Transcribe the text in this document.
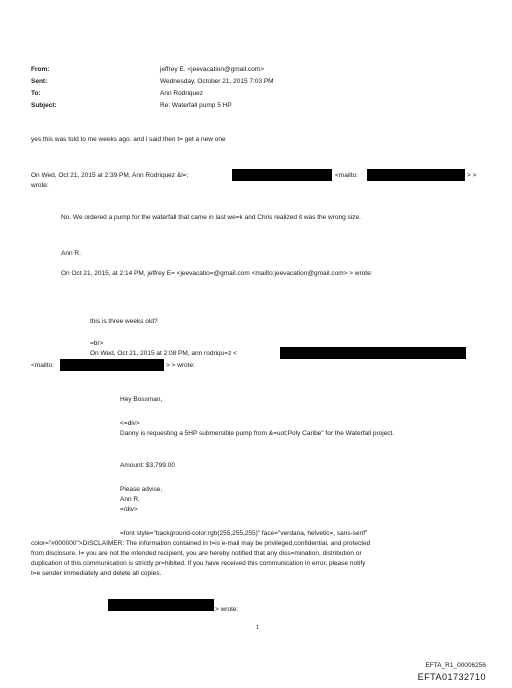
From:	jeffrey E. <jeevacation@gmail.com>
Sent:	Wednesday, October 21, 2015 7:03 PM
To:	Ann Rodriquez
Subject:	Re: Waterfall pump 5 HP
yes this was told to me weeks ago. and i said then t= get a new one
On Wed, Oct 21, 2015 at 2:39 PM, Ann Rodriquez &l=;	<mailto:	> >
wrote:
No. We ordered a pump for the waterfall that came in last we=k and Chris realized it was the wrong size.
Ann R.
On Oct 21, 2015, at 2:14 PM, jeffrey E= <jeevacatio=@gmail.com <mailto:jeevacation@gmail.com> > wrote:
this is three weeks old?
=br>
On Wed, Oct 21, 2015 at 2:08 PM, ann rodriqu=z <
<mailto:	> > wrote:
Hey Bossman,
<=div>
Danny is requesting a 5HP submersible pump from &=uot;Poly Caribe" for the Waterfall project.
Amount: $3,799.00
Please advise,
Ann R.
=/div>
=font style="background-color:rgb(255,255,255)" face="verdana, helvetic=, sans-serif"
color="#000000">DISCLAIMER: The information contained in t=is e-mail may be privileged,confidential, and protected
from disclosure. I= you are not the intended recipient, you are hereby notified that any diss=mination, distribution or
duplication of this communication is strictly pr=hibited. If you have received this communication in error, please notify
t=e sender immediately and delete all copies.
> wrote:
1
EFTA_R1_00006256
EFTA01732710
